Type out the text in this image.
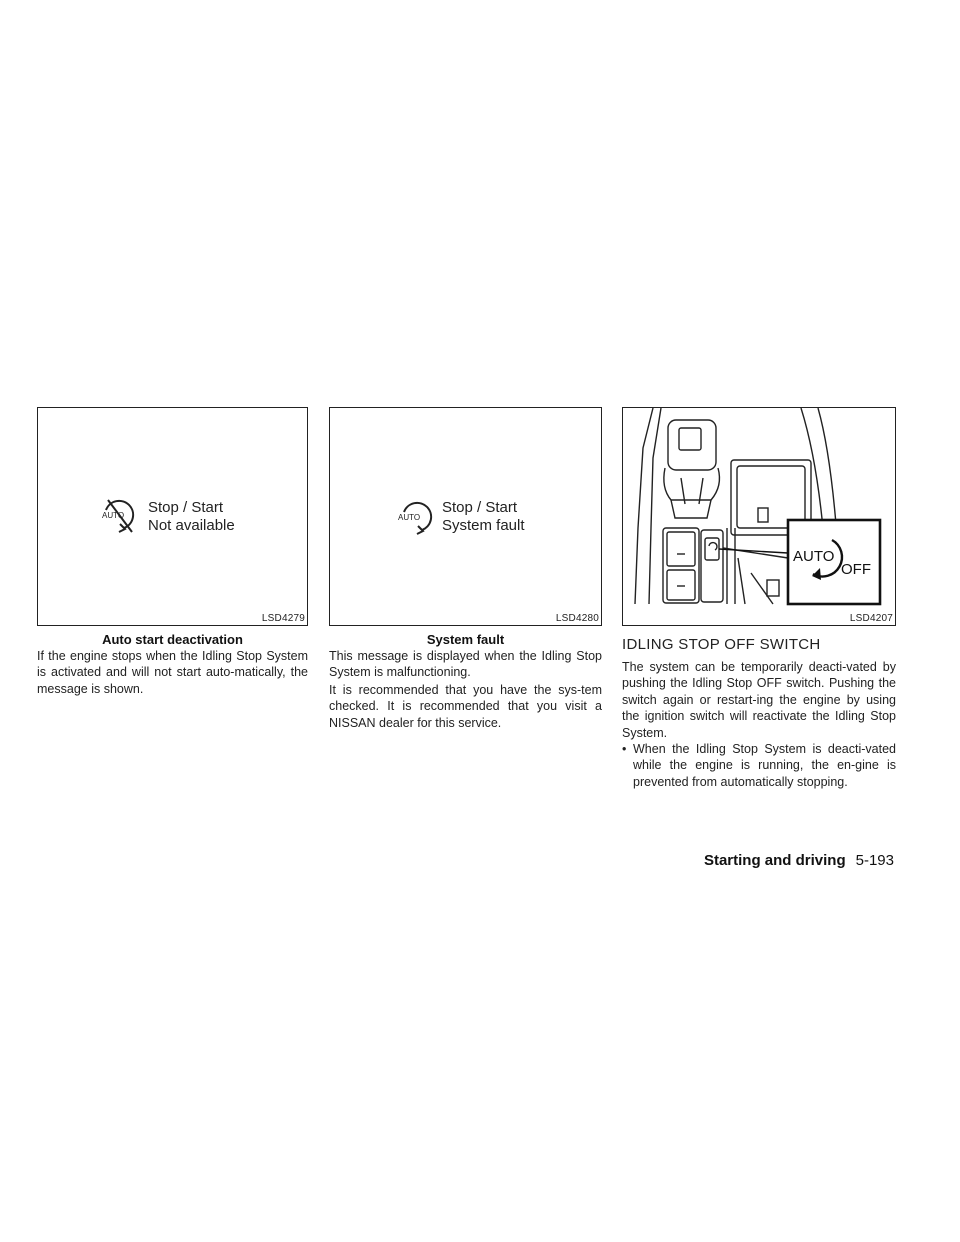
AUTO Stop / Start
Not available
LSD4279
Auto start deactivation
AUTO
Stop / Start
System fault
LSD4280
System fault
AUTO
OFF
LSD4207

If the engine stops when the Idling Stop System is activated and will not start auto-matically, the message is shown.

This message is displayed when the Idling Stop System is malfunctioning.

It is recommended that you have the sys-tem checked. It is recommended that you visit a NISSAN dealer for this service.

IDLING STOP OFF SWITCH

The system can be temporarily deacti-vated by pushing the Idling Stop OFF switch. Pushing the switch again or restart-ing the engine by using the ignition switch will reactivate the Idling Stop System.

• When the Idling Stop System is deacti-vated while the engine is running, the en-gine is prevented from automatically stopping.
Starting and driving 5-193
